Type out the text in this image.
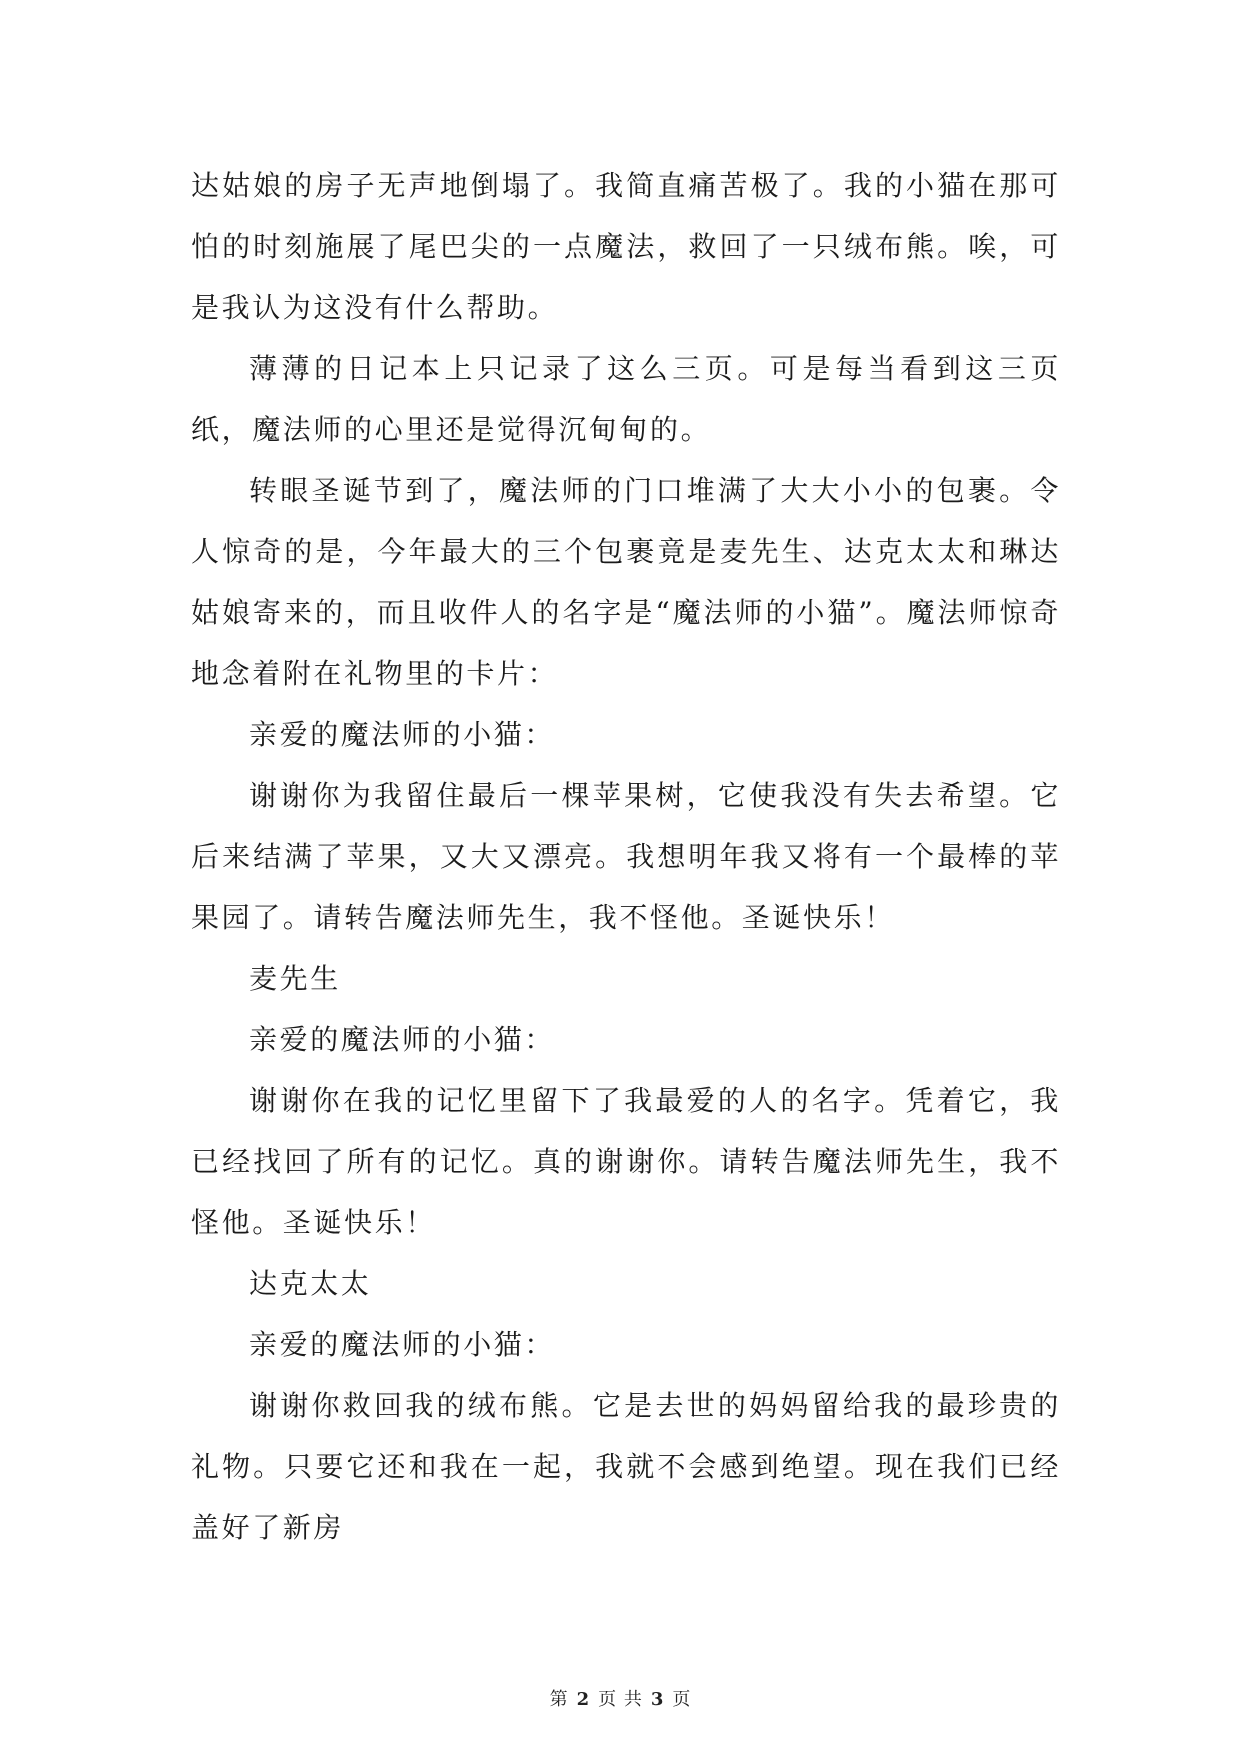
达姑娘的房子无声地倒塌了。我简直痛苦极了。我的小猫在那可怕的时刻施展了尾巴尖的一点魔法，救回了一只绒布熊。唉，可是我认为这没有什么帮助。

薄薄的日记本上只记录了这么三页。可是每当看到这三页纸，魔法师的心里还是觉得沉甸甸的。

转眼圣诞节到了，魔法师的门口堆满了大大小小的包裹。令人惊奇的是，今年最大的三个包裹竟是麦先生、达克太太和琳达姑娘寄来的，而且收件人的名字是“魔法师的小猫”。魔法师惊奇地念着附在礼物里的卡片：

亲爱的魔法师的小猫：

谢谢你为我留住最后一棵苹果树，它使我没有失去希望。它后来结满了苹果，又大又漂亮。我想明年我又将有一个最棒的苹果园了。请转告魔法师先生，我不怪他。圣诞快乐！

麦先生

亲爱的魔法师的小猫：

谢谢你在我的记忆里留下了我最爱的人的名字。凭着它，我已经找回了所有的记忆。真的谢谢你。请转告魔法师先生，我不怪他。圣诞快乐！

达克太太

亲爱的魔法师的小猫：

谢谢你救回我的绒布熊。它是去世的妈妈留给我的最珍贵的礼物。只要它还和我在一起，我就不会感到绝望。现在我们已经盖好了新房

第 2 页 共 3 页
